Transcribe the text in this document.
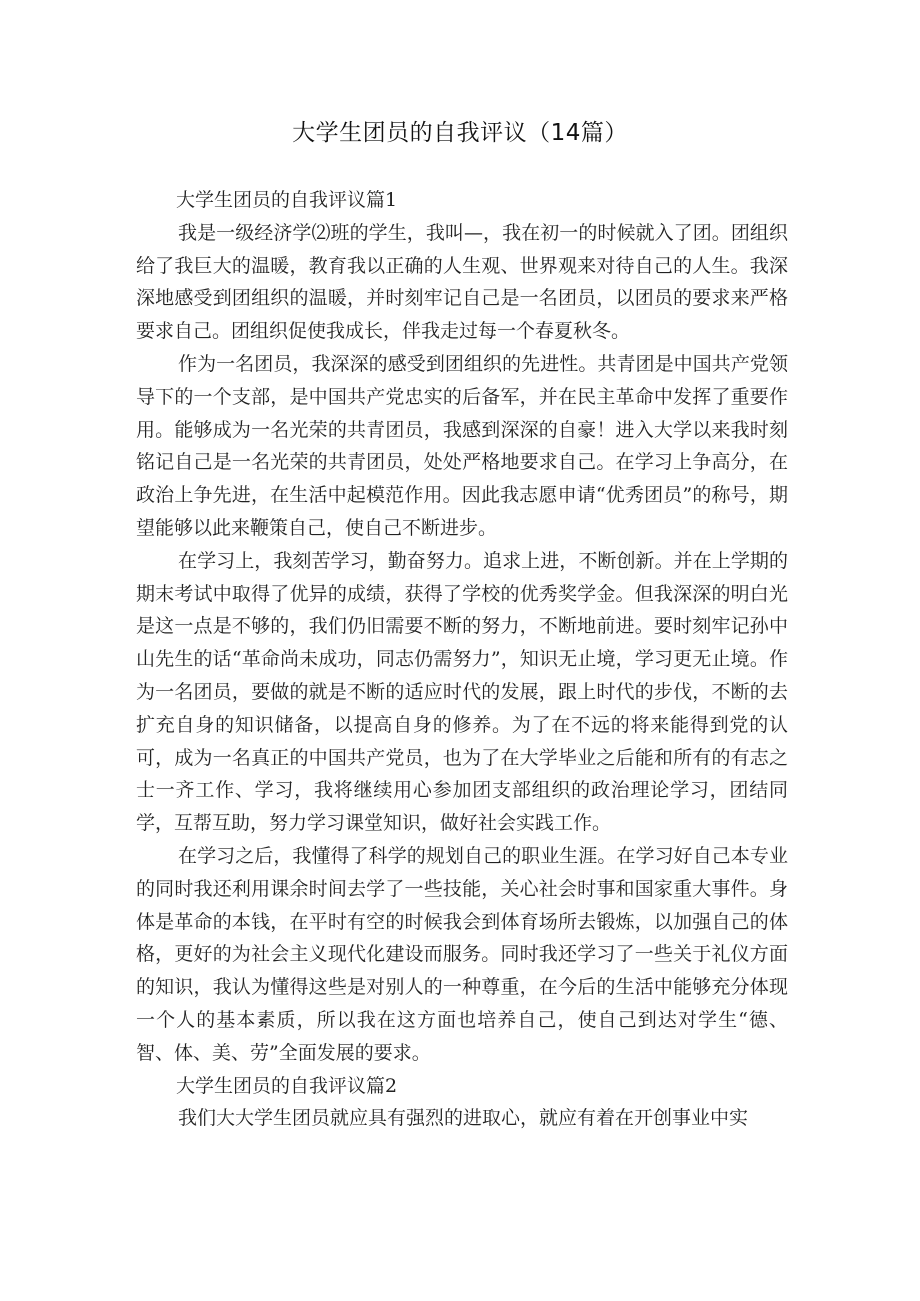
大学生团员的自我评议（14篇）

大学生团员的自我评议篇1

我是一级经济学⑵班的学生，我叫—，我在初一的时候就入了团。团组织给了我巨大的温暖，教育我以正确的人生观、世界观来对待自己的人生。我深深地感受到团组织的温暖，并时刻牢记自己是一名团员，以团员的要求来严格要求自己。团组织促使我成长，伴我走过每一个春夏秋冬。

作为一名团员，我深深的感受到团组织的先进性。共青团是中国共产党领导下的一个支部，是中国共产党忠实的后备军，并在民主革命中发挥了重要作用。能够成为一名光荣的共青团员，我感到深深的自豪！进入大学以来我时刻铭记自己是一名光荣的共青团员，处处严格地要求自己。在学习上争高分，在政治上争先进，在生活中起模范作用。因此我志愿申请“优秀团员”的称号，期望能够以此来鞭策自己，使自己不断进步。

在学习上，我刻苦学习，勤奋努力。追求上进，不断创新。并在上学期的期末考试中取得了优异的成绩，获得了学校的优秀奖学金。但我深深的明白光是这一点是不够的，我们仍旧需要不断的努力，不断地前进。要时刻牢记孙中山先生的话“革命尚未成功，同志仍需努力”，知识无止境，学习更无止境。作为一名团员，要做的就是不断的适应时代的发展，跟上时代的步伐，不断的去扩充自身的知识储备，以提高自身的修养。为了在不远的将来能得到党的认可，成为一名真正的中国共产党员，也为了在大学毕业之后能和所有的有志之士一齐工作、学习，我将继续用心参加团支部组织的政治理论学习，团结同学，互帮互助，努力学习课堂知识，做好社会实践工作。

在学习之后，我懂得了科学的规划自己的职业生涯。在学习好自己本专业的同时我还利用课余时间去学了一些技能，关心社会时事和国家重大事件。身体是革命的本钱，在平时有空的时候我会到体育场所去锻炼，以加强自己的体格，更好的为社会主义现代化建设而服务。同时我还学习了一些关于礼仪方面的知识，我认为懂得这些是对别人的一种尊重，在今后的生活中能够充分体现一个人的基本素质，所以我在这方面也培养自己，使自己到达对学生“德、智、体、美、劳”全面发展的要求。

大学生团员的自我评议篇2

我们大大学生团员就应具有强烈的进取心，就应有着在开创事业中实
